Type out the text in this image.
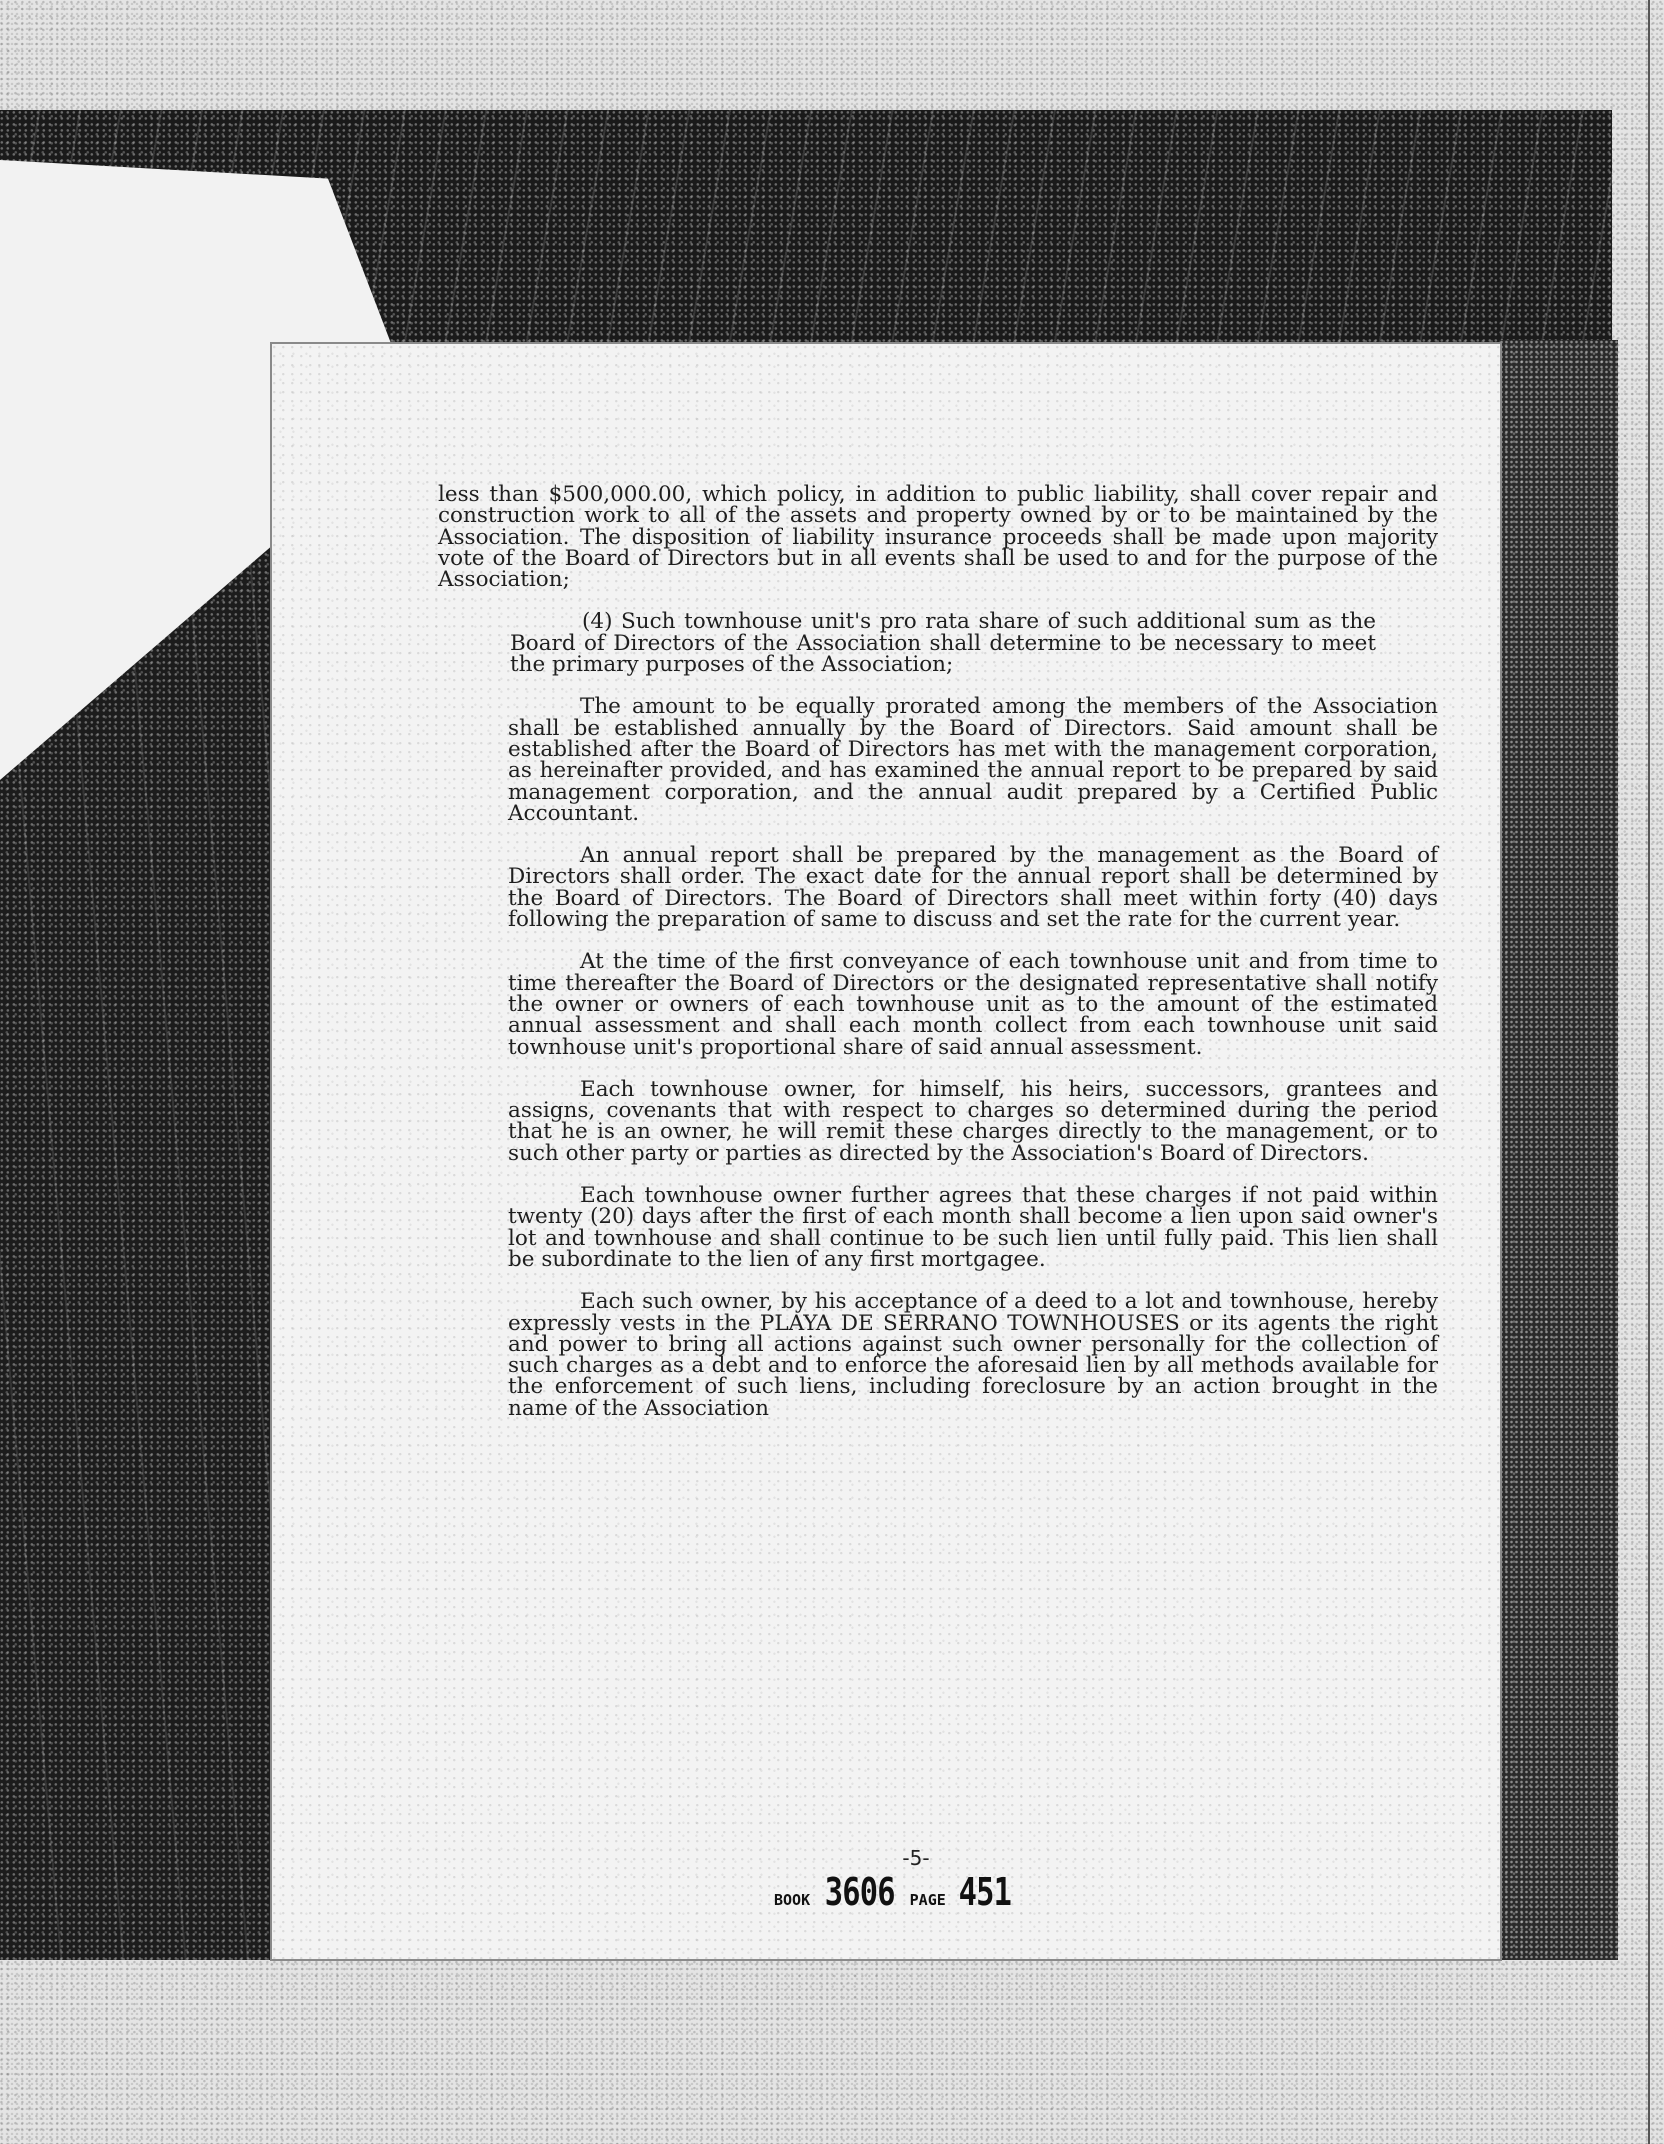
less than $500,000.00, which policy, in addition to public liability, shall cover repair and construction work to all of the assets and property owned by or to be maintained by the Association. The disposition of liability insurance proceeds shall be made upon majority vote of the Board of Directors but in all events shall be used to and for the purpose of the Association;

(4) Such townhouse unit's pro rata share of such additional sum as the Board of Directors of the Association shall determine to be necessary to meet the primary purposes of the Association;

The amount to be equally prorated among the members of the Association shall be established annually by the Board of Directors. Said amount shall be established after the Board of Directors has met with the management corporation, as hereinafter provided, and has examined the annual report to be prepared by said management corporation, and the annual audit prepared by a Certified Public Accountant.

An annual report shall be prepared by the management as the Board of Directors shall order. The exact date for the annual report shall be determined by the Board of Directors. The Board of Directors shall meet within forty (40) days following the preparation of same to discuss and set the rate for the current year.

At the time of the first conveyance of each townhouse unit and from time to time thereafter the Board of Directors or the designated representative shall notify the owner or owners of each townhouse unit as to the amount of the estimated annual assessment and shall each month collect from each townhouse unit said townhouse unit's proportional share of said annual assessment.

Each townhouse owner, for himself, his heirs, successors, grantees and assigns, covenants that with respect to charges so determined during the period that he is an owner, he will remit these charges directly to the management, or to such other party or parties as directed by the Association's Board of Directors.

Each townhouse owner further agrees that these charges if not paid within twenty (20) days after the first of each month shall become a lien upon said owner's lot and townhouse and shall continue to be such lien until fully paid. This lien shall be subordinate to the lien of any first mortgagee.

Each such owner, by his acceptance of a deed to a lot and townhouse, hereby expressly vests in the PLAYA DE SERRANO TOWNHOUSES or its agents the right and power to bring all actions against such owner personally for the collection of such charges as a debt and to enforce the aforesaid lien by all methods available for the enforcement of such liens, including foreclosure by an action brought in the name of the Association

-5-
BOOK 3606 PAGE 451
